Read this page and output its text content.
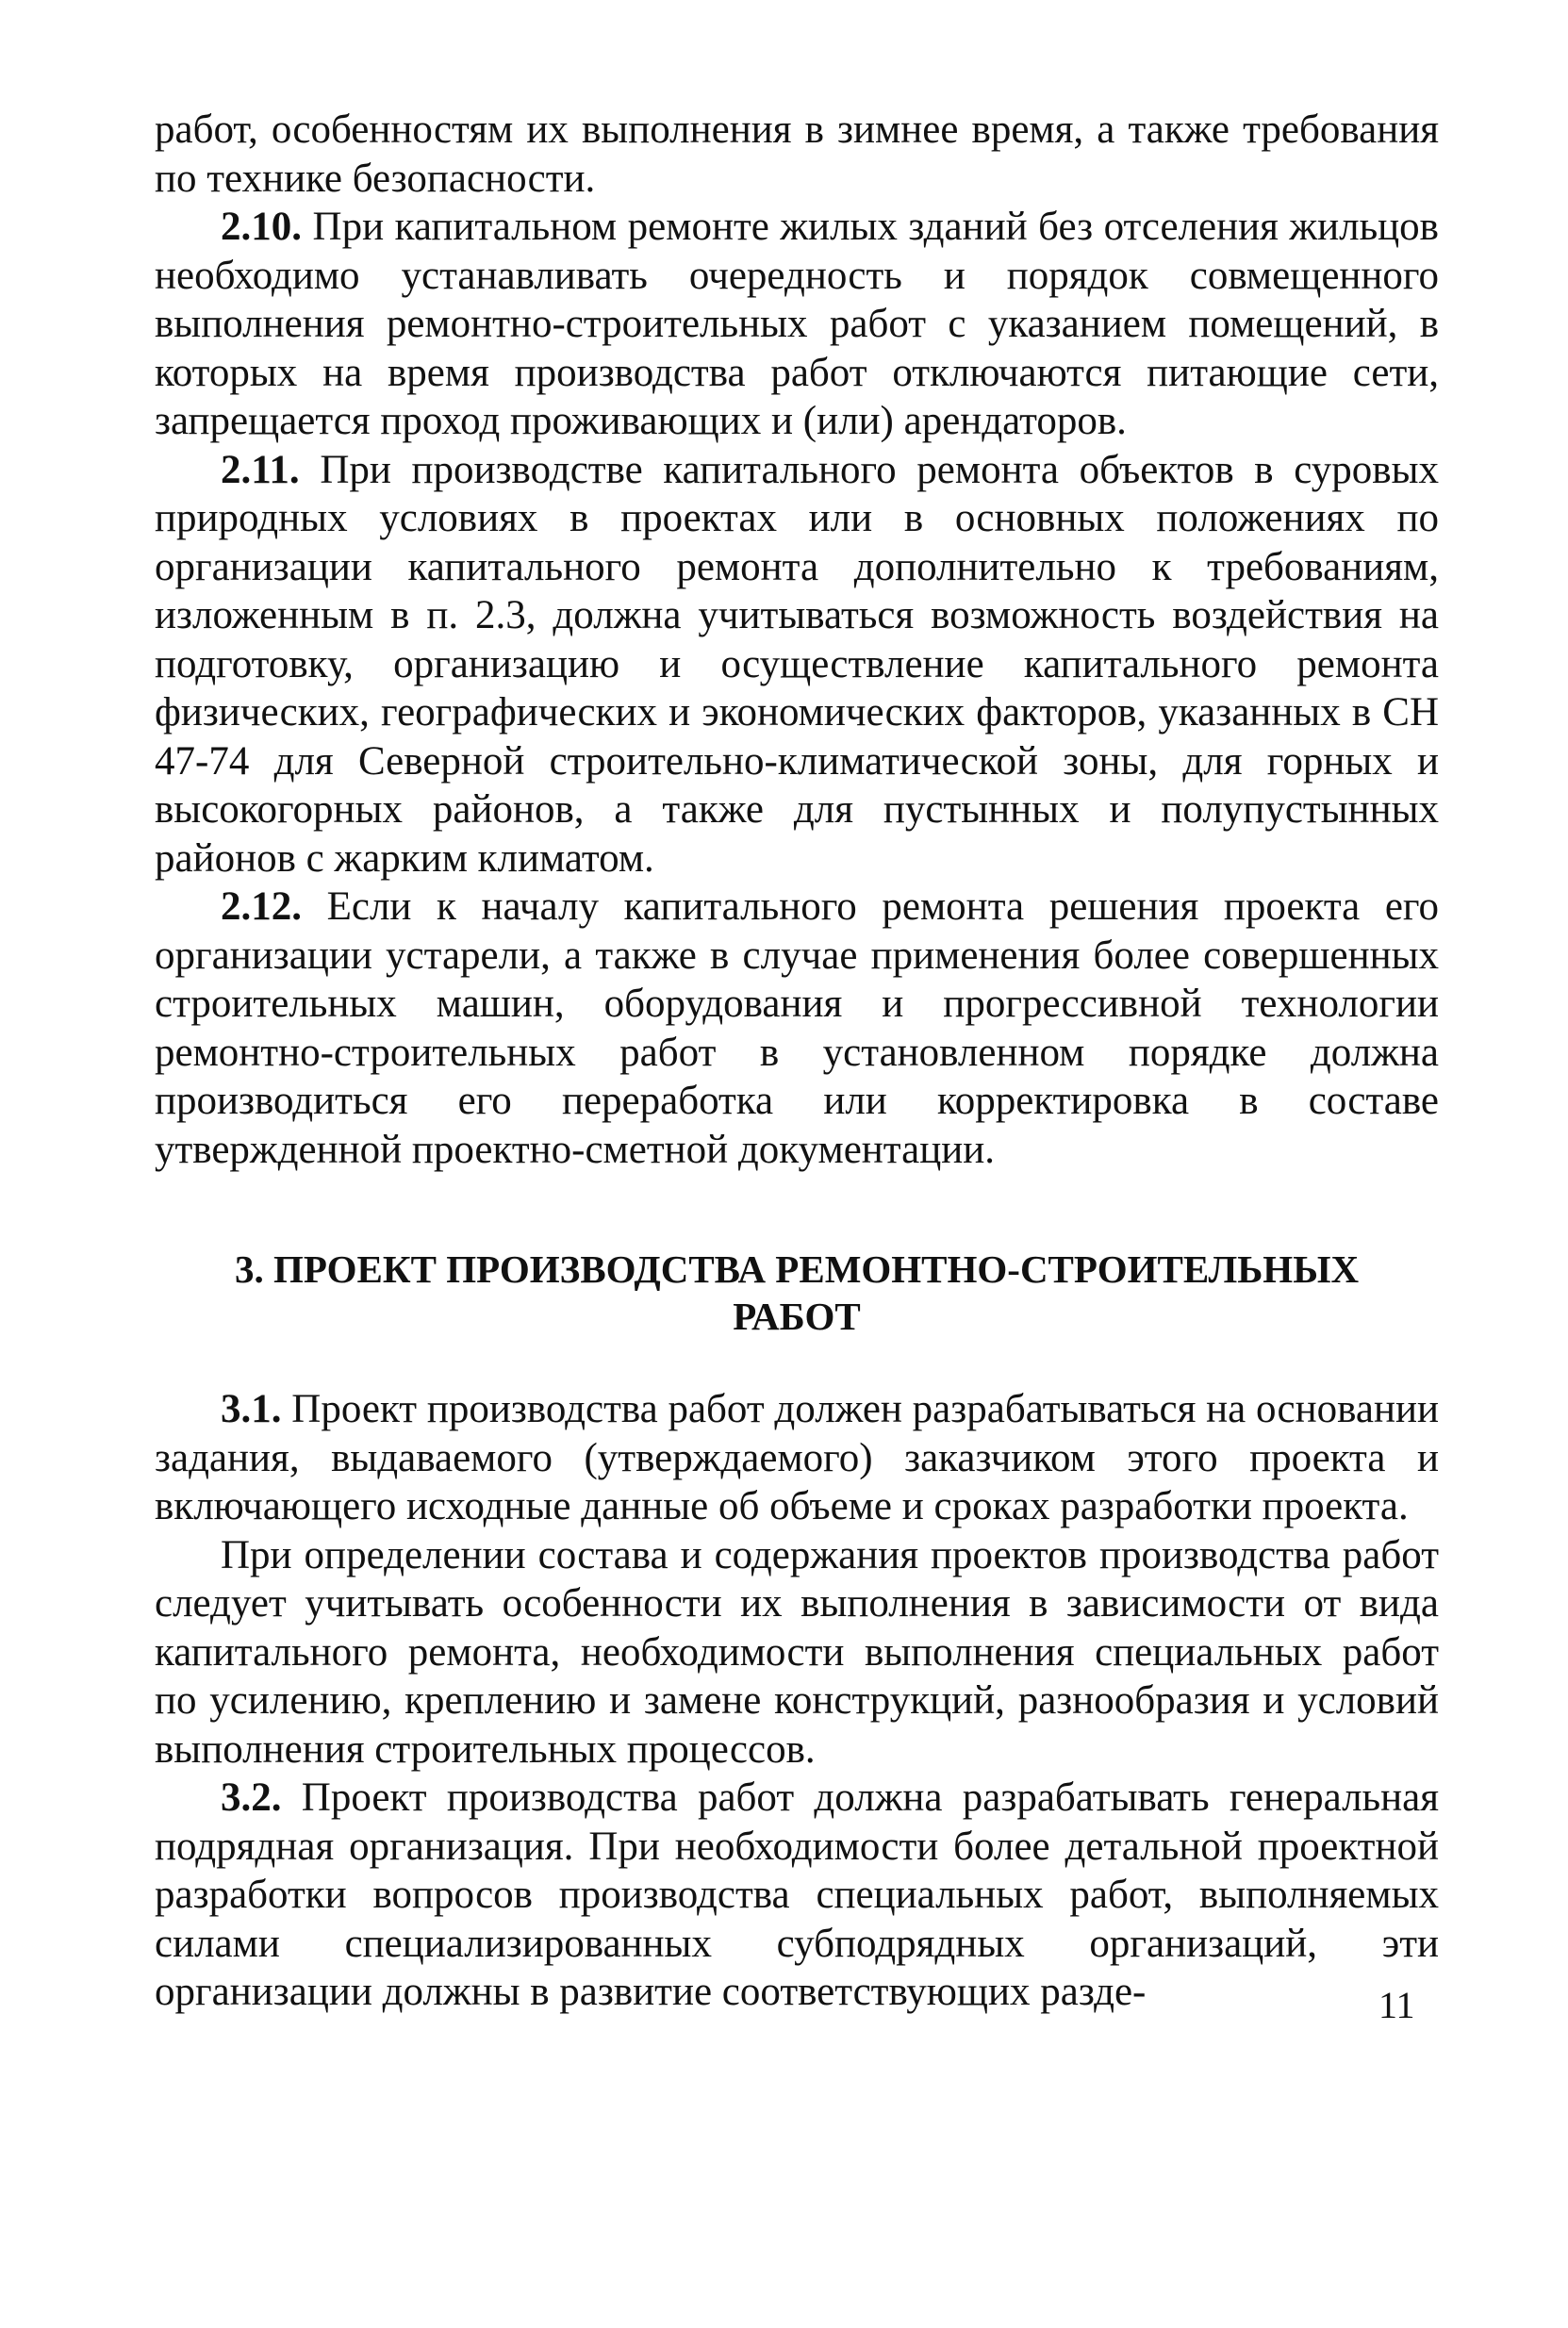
работ, особенностям их выполнения в зимнее время, а также требования по технике безопасности.

2.10. При капитальном ремонте жилых зданий без отселения жильцов необходимо устанавливать очередность и порядок совмещенного выполнения ремонтно-строительных работ с указанием помещений, в которых на время производства работ отключаются питающие сети, запрещается проход проживающих и (или) арендаторов.

2.11. При производстве капитального ремонта объектов в суровых природных условиях в проектах или в основных положениях по организации капитального ремонта дополнительно к требованиям, изложенным в п. 2.3, должна учитываться возможность воздействия на подготовку, организацию и осуществление капитального ремонта физических, географических и экономических факторов, указанных в СН 47-74 для Северной строительно-климатической зоны, для горных и высокогорных районов, а также для пустынных и полупустынных районов с жарким климатом.

2.12. Если к началу капитального ремонта решения проекта его организации устарели, а также в случае применения более совершенных строительных машин, оборудования и прогрессивной технологии ремонтно-строительных работ в установленном порядке должна производиться его переработка или корректировка в составе утвержденной проектно-сметной документации.

3. ПРОЕКТ ПРОИЗВОДСТВА РЕМОНТНО-СТРОИТЕЛЬНЫХ РАБОТ

3.1. Проект производства работ должен разрабатываться на основании задания, выдаваемого (утверждаемого) заказчиком этого проекта и включающего исходные данные об объеме и сроках разработки проекта.

При определении состава и содержания проектов производства работ следует учитывать особенности их выполнения в зависимости от вида капитального ремонта, необходимости выполнения специальных работ по усилению, креплению и замене конструкций, разнообразия и условий выполнения строительных процессов.

3.2. Проект производства работ должна разрабатывать генеральная подрядная организация. При необходимости более детальной проектной разработки вопросов производства специальных работ, выполняемых силами специализированных субподрядных организаций, эти организации должны в развитие соответствующих разде-	11
